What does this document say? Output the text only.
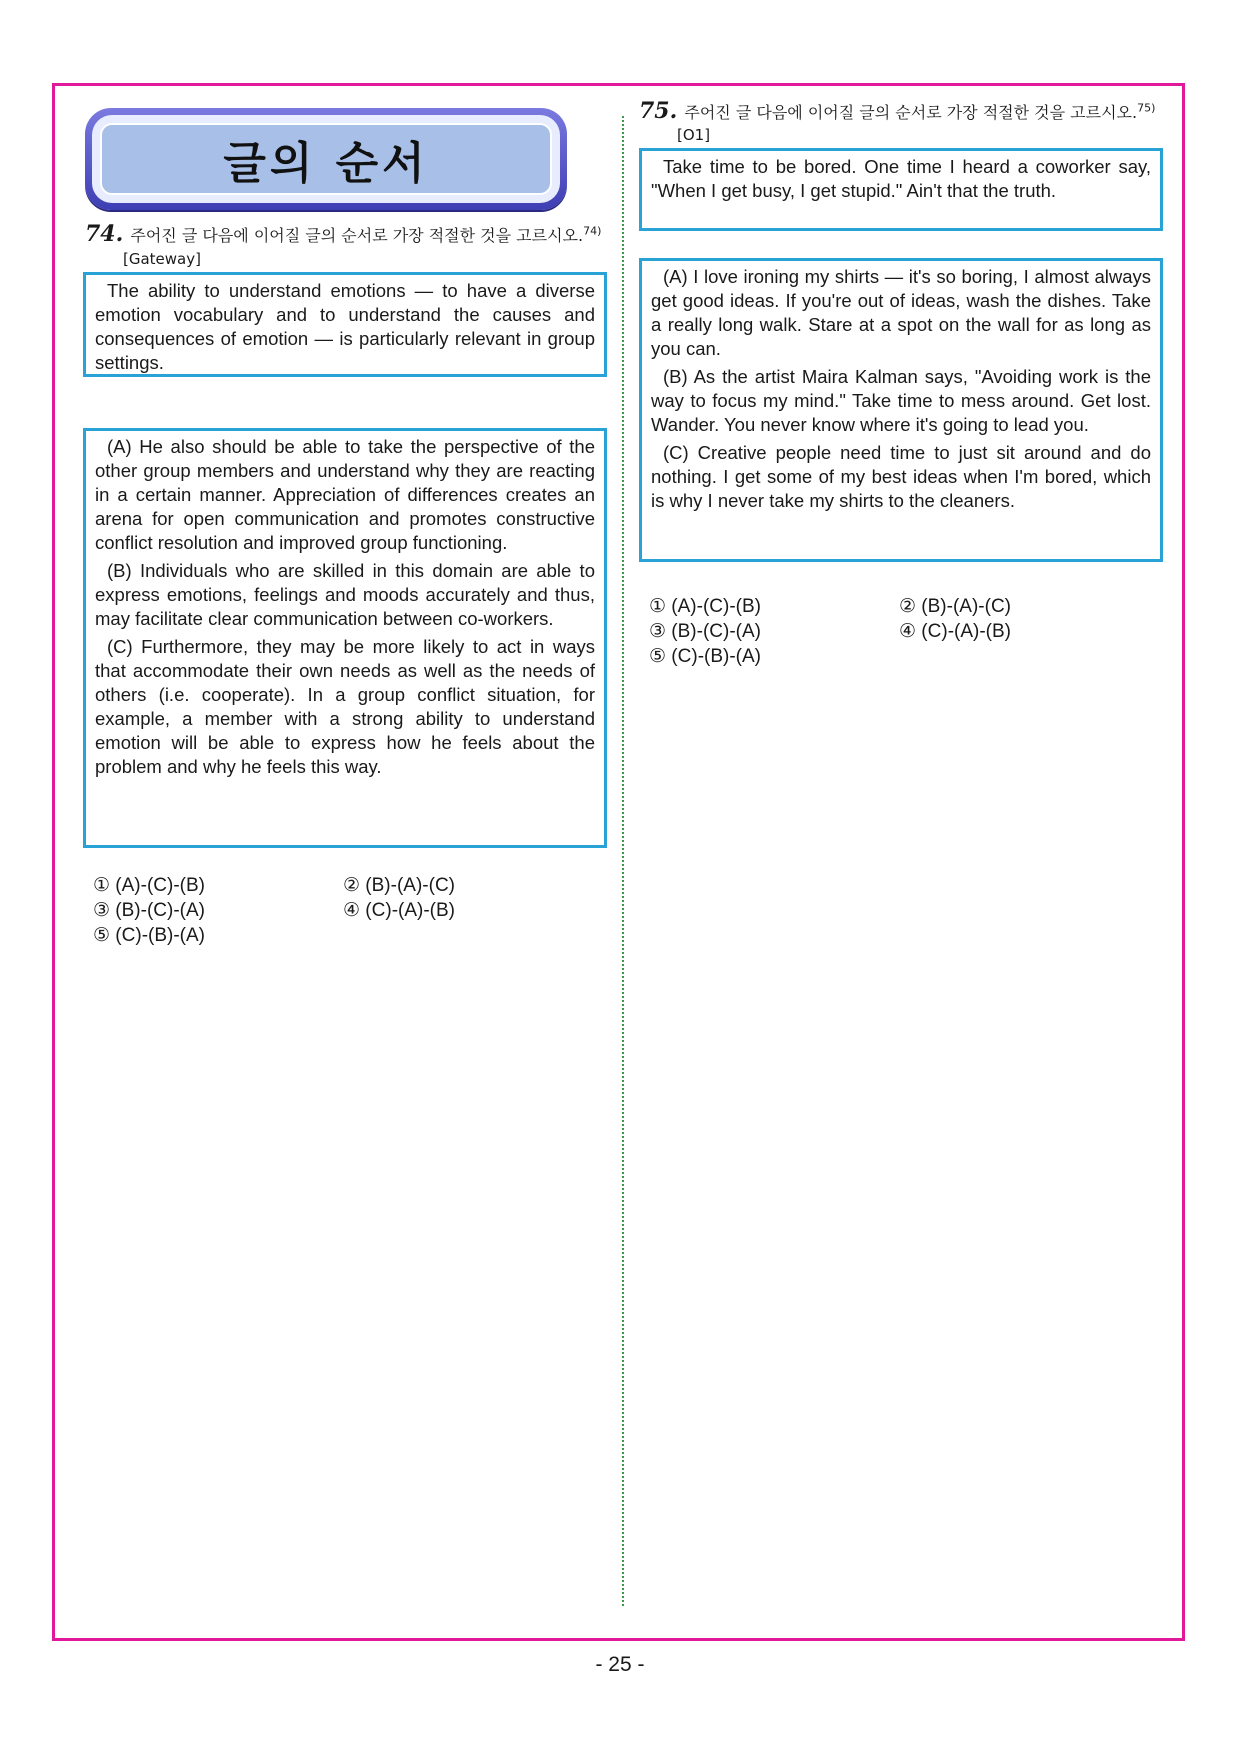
글의 순서
74. 주어진 글 다음에 이어질 글의 순서로 가장 적절한 것을 고르시오.$^{74)}$
[Gateway]

The ability to understand emotions — to have a diverse emotion vocabulary and to understand the causes and consequences of emotion — is particularly relevant in group settings.

(A) He also should be able to take the perspective of the other group members and understand why they are reacting in a certain manner. Appreciation of differences creates an arena for open communication and promotes constructive conflict resolution and improved group functioning.

(B) Individuals who are skilled in this domain are able to express emotions, feelings and moods accurately and thus, may facilitate clear communication between co-workers.

(C) Furthermore, they may be more likely to act in ways that accommodate their own needs as well as the needs of others (i.e. cooperate). In a group conflict situation, for example, a member with a strong ability to understand emotion will be able to express how he feels about the problem and why he feels this way.

① (A)-(C)-(B)	② (B)-(A)-(C)
③ (B)-(C)-(A)	④ (C)-(A)-(B)
⑤ (C)-(B)-(A)
75. 주어진 글 다음에 이어질 글의 순서로 가장 적절한 것을 고르시오.$^{75)}$
[O1]

Take time to be bored. One time I heard a coworker say, "When I get busy, I get stupid." Ain't that the truth.

(A) I love ironing my shirts — it's so boring, I almost always get good ideas. If you're out of ideas, wash the dishes. Take a really long walk. Stare at a spot on the wall for as long as you can.

(B) As the artist Maira Kalman says, "Avoiding work is the way to focus my mind." Take time to mess around. Get lost. Wander. You never know where it's going to lead you.

(C) Creative people need time to just sit around and do nothing. I get some of my best ideas when I'm bored, which is why I never take my shirts to the cleaners.

① (A)-(C)-(B)	② (B)-(A)-(C)
③ (B)-(C)-(A)	④ (C)-(A)-(B)
⑤ (C)-(B)-(A)
- 25 -
